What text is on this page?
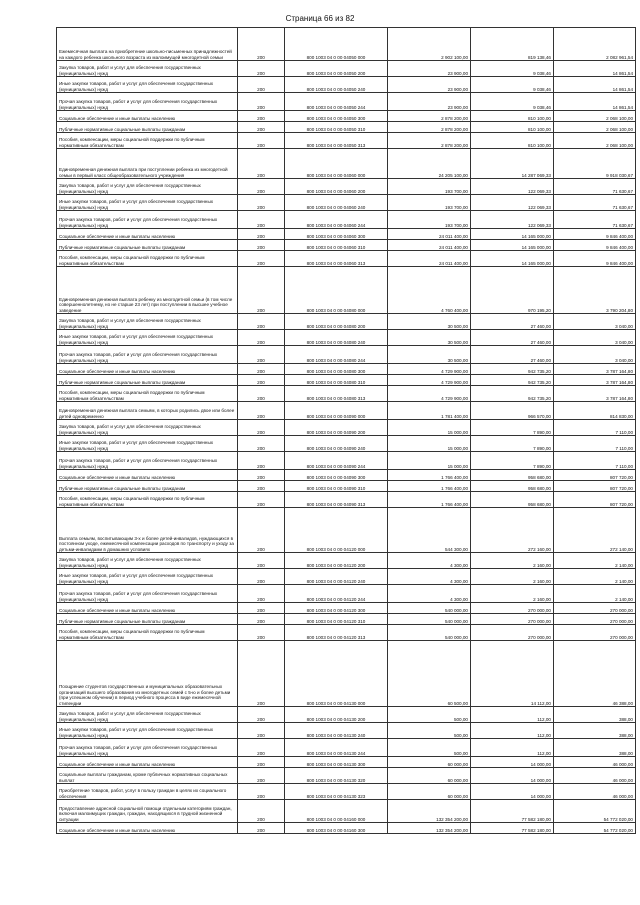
Страница 66 из 82
Ежемесячная выплата на приобретение школьно-письменных принадлежностей на каждого ребенка школьного возраста из малоимущей многодетной семьи	200	800 1003 04 0 00 04050 000	2 902 100,00	819 138,46	2 082 961,54
Закупка товаров, работ и услуг для обеспечения государственных (муниципальных) нужд	200	800 1003 04 0 00 04050 200	23 900,00	9 038,46	14 861,54
Иные закупки товаров, работ и услуг для обеспечения государственных (муниципальных) нужд	200	800 1003 04 0 00 04050 240	23 900,00	9 038,46	14 861,54
Прочая закупка товаров, работ и услуг для обеспечения государственных (муниципальных) нужд	200	800 1003 04 0 00 04050 244	23 900,00	9 038,46	14 861,54
Социальное обеспечение и иные выплаты населению	200	800 1003 04 0 00 04050 300	2 878 200,00	810 100,00	2 068 100,00
Публичные нормативные социальные выплаты гражданам	200	800 1003 04 0 00 04050 310	2 878 200,00	810 100,00	2 068 100,00
Пособия, компенсации, меры социальной поддержки по публичным нормативным обязательствам	200	800 1003 04 0 00 04050 313	2 878 200,00	810 100,00	2 068 100,00
Единовременная денежная выплата при поступлении ребенка из многодетной семьи в первый класс общеобразовательного учреждения	200	800 1003 04 0 00 04060 000	24 205 100,00	14 287 069,33	9 918 030,67
Закупка товаров, работ и услуг для обеспечения государственных (муниципальных) нужд	200	800 1003 04 0 00 04060 200	193 700,00	122 069,33	71 630,67
Иные закупки товаров, работ и услуг для обеспечения государственных (муниципальных) нужд	200	800 1003 04 0 00 04060 240	193 700,00	122 069,33	71 630,67
Прочая закупка товаров, работ и услуг для обеспечения государственных (муниципальных) нужд	200	800 1003 04 0 00 04060 244	193 700,00	122 069,33	71 630,67
Социальное обеспечение и иные выплаты населению	200	800 1003 04 0 00 04060 300	24 011 400,00	14 165 000,00	9 846 400,00
Публичные нормативные социальные выплаты гражданам	200	800 1003 04 0 00 04060 310	24 011 400,00	14 165 000,00	9 846 400,00
Пособия, компенсации, меры социальной поддержки по публичным нормативным обязательствам	200	800 1003 04 0 00 04060 313	24 011 400,00	14 165 000,00	9 846 400,00
Единовременная денежная выплата ребенку из многодетной семьи (в том числе совершеннолетнему, но не старше 23 лет) при поступлении в высшее учебное заведение	200	800 1003 04 0 00 04080 000	4 760 400,00	970 195,20	3 790 204,80
Закупка товаров, работ и услуг для обеспечения государственных (муниципальных) нужд	200	800 1003 04 0 00 04080 200	30 500,00	27 460,00	3 040,00
Иные закупки товаров, работ и услуг для обеспечения государственных (муниципальных) нужд	200	800 1003 04 0 00 04080 240	30 500,00	27 460,00	3 040,00
Прочая закупка товаров, работ и услуг для обеспечения государственных (муниципальных) нужд	200	800 1003 04 0 00 04080 244	30 500,00	27 460,00	3 040,00
Социальное обеспечение и иные выплаты населению	200	800 1003 04 0 00 04080 300	4 729 900,00	942 735,20	3 787 164,80
Публичные нормативные социальные выплаты гражданам	200	800 1003 04 0 00 04080 310	4 729 900,00	942 735,20	3 787 164,80
Пособия, компенсации, меры социальной поддержки по публичным нормативным обязательствам	200	800 1003 04 0 00 04080 313	4 729 900,00	942 735,20	3 787 164,80
Единовременная денежная выплата семьям, в которых родились двое или более детей одновременно	200	800 1003 04 0 00 04090 000	1 781 400,00	966 570,00	814 830,00
Закупка товаров, работ и услуг для обеспечения государственных (муниципальных) нужд	200	800 1003 04 0 00 04090 200	15 000,00	7 890,00	7 110,00
Иные закупки товаров, работ и услуг для обеспечения государственных (муниципальных) нужд	200	800 1003 04 0 00 04090 240	15 000,00	7 890,00	7 110,00
Прочая закупка товаров, работ и услуг для обеспечения государственных (муниципальных) нужд	200	800 1003 04 0 00 04090 244	15 000,00	7 890,00	7 110,00
Социальное обеспечение и иные выплаты населению	200	800 1003 04 0 00 04090 300	1 766 400,00	958 680,00	807 720,00
Публичные нормативные социальные выплаты гражданам	200	800 1003 04 0 00 04090 310	1 766 400,00	958 680,00	807 720,00
Пособия, компенсации, меры социальной поддержки по публичным нормативным обязательствам	200	800 1003 04 0 00 04090 313	1 766 400,00	958 680,00	807 720,00
Выплата семьям, воспитывающим 3-х и более детей-инвалидов, нуждающихся в постоянном уходе, ежемесячной компенсации расходов по транспорту и уходу за детьми-инвалидами в домашних условиях	200	800 1003 04 0 00 04120 000	544 300,00	272 160,00	272 140,00
Закупка товаров, работ и услуг для обеспечения государственных (муниципальных) нужд	200	800 1003 04 0 00 04120 200	4 300,00	2 160,00	2 140,00
Иные закупки товаров, работ и услуг для обеспечения государственных (муниципальных) нужд	200	800 1003 04 0 00 04120 240	4 300,00	2 160,00	2 140,00
Прочая закупка товаров, работ и услуг для обеспечения государственных (муниципальных) нужд	200	800 1003 04 0 00 04120 244	4 300,00	2 160,00	2 140,00
Социальное обеспечение и иные выплаты населению	200	800 1003 04 0 00 04120 300	540 000,00	270 000,00	270 000,00
Публичные нормативные социальные выплаты гражданам	200	800 1003 04 0 00 04120 310	540 000,00	270 000,00	270 000,00
Пособия, компенсации, меры социальной поддержки по публичным нормативным обязательствам	200	800 1003 04 0 00 04120 313	540 000,00	270 000,00	270 000,00
Поощрение студентов государственных и муниципальных образовательных организаций высшего образования из многодетных семей с 5-ю и более детьми (при успешном обучении) в период учебного процесса в виде ежемесячной стипендии	200	800 1003 04 0 00 04130 000	60 500,00	14 112,00	46 388,00
Закупка товаров, работ и услуг для обеспечения государственных (муниципальных) нужд	200	800 1003 04 0 00 04130 200	500,00	112,00	388,00
Иные закупки товаров, работ и услуг для обеспечения государственных (муниципальных) нужд	200	800 1003 04 0 00 04130 240	500,00	112,00	388,00
Прочая закупка товаров, работ и услуг для обеспечения государственных (муниципальных) нужд	200	800 1003 04 0 00 04130 244	500,00	112,00	388,00
Социальное обеспечение и иные выплаты населению	200	800 1003 04 0 00 04130 300	60 000,00	14 000,00	46 000,00
Социальные выплаты гражданам, кроме публичных нормативных социальных выплат	200	800 1003 04 0 00 04130 320	60 000,00	14 000,00	46 000,00
Приобретение товаров, работ, услуг в пользу граждан в целях их социального обеспечения	200	800 1003 04 0 00 04130 323	60 000,00	14 000,00	46 000,00
Предоставление адресной социальной помощи отдельным категориям граждан, включая малоимущих граждан, граждан, находящихся в трудной жизненной ситуации	200	800 1003 04 0 00 04160 000	132 354 200,00	77 582 180,00	54 772 020,00
Социальное обеспечение и иные выплаты населению	200	800 1003 04 0 00 04160 300	132 354 200,00	77 582 180,00	54 772 020,00
